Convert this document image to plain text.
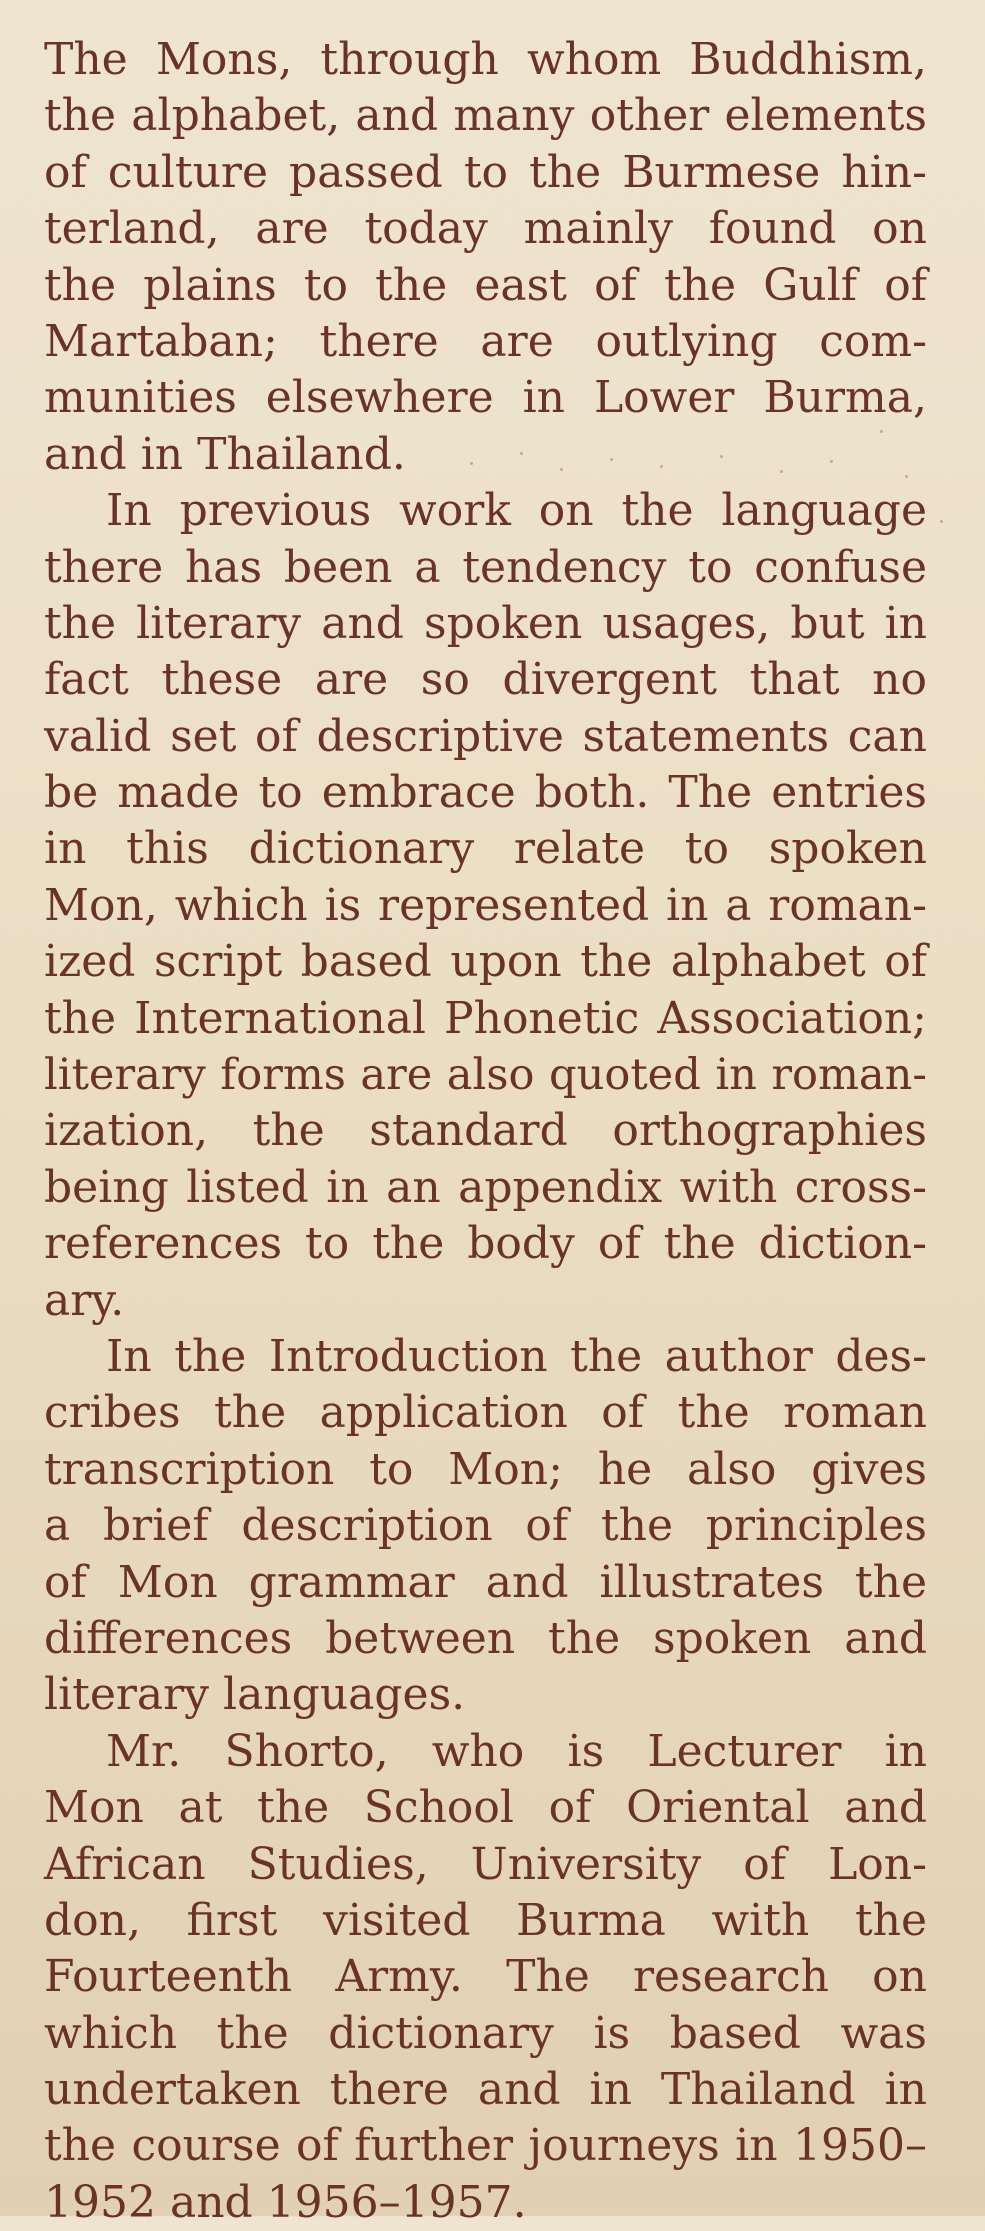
The Mons, through whom Buddhism,
the alphabet, and many other elements
of culture passed to the Burmese hin-
terland, are today mainly found on
the plains to the east of the Gulf of
Martaban; there are outlying com-
munities elsewhere in Lower Burma,
and in Thailand.
In previous work on the language
there has been a tendency to confuse
the literary and spoken usages, but in
fact these are so divergent that no
valid set of descriptive statements can
be made to embrace both. The entries
in this dictionary relate to spoken
Mon, which is represented in a roman-
ized script based upon the alphabet of
the International Phonetic Association;
literary forms are also quoted in roman-
ization, the standard orthographies
being listed in an appendix with cross-
references to the body of the diction-
ary.
In the Introduction the author des-
cribes the application of the roman
transcription to Mon; he also gives
a brief description of the principles
of Mon grammar and illustrates the
differences between the spoken and
literary languages.
Mr. Shorto, who is Lecturer in
Mon at the School of Oriental and
African Studies, University of Lon-
don, first visited Burma with the
Fourteenth Army. The research on
which the dictionary is based was
undertaken there and in Thailand in
the course of further journeys in 1950–
1952 and 1956–1957.
